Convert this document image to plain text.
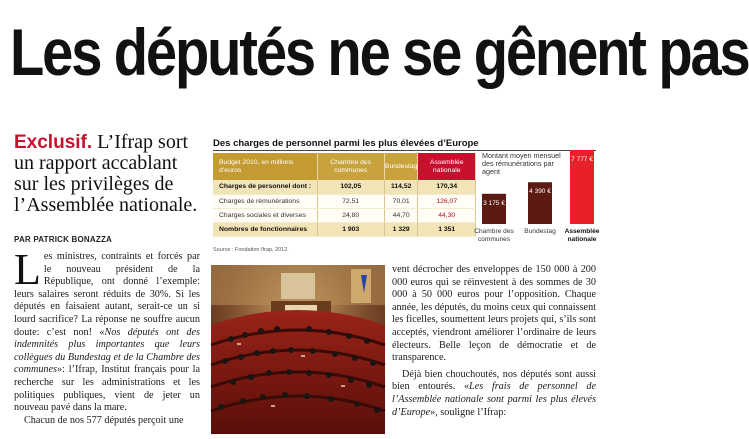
Les députés ne se gênent pas
Exclusif. L’Ifrap sort un rapport accablant sur les privilèges de l’Assemblée nationale.
PAR PATRICK BONAZZA
L es ministres, contraints et forcés par le nouveau président de la République, ont donné l’exemple: leurs salaires seront réduits de 30%. Si les députés en faisaient autant, serait-ce un si lourd sacrifice? La réponse ne souffre aucun doute: c’est non! «Nos députés ont des indemnités plus importantes que leurs collègues du Bundestag et de la Chambre des communes»: l’Ifrap, Institut français pour la recherche sur les administrations et les politiques publiques, vient de jeter un nouveau pavé dans la mare.

Chacun de nos 577 députés perçoit une

Des charges de personnel parmi les plus élevées d’Europe
Budget 2010, en millions d’euros	Chambre des communes	Bundestag	Assemblée nationale
Charges de personnel dont :	102,05	114,52	170,34
Charges de rémunérations	72,51	70,01	126,07
Charges sociales et diverses	24,80	44,70	44,30
Nombres de fonctionnaires	1 903	1 329	1 351
Source : Fondation Ifrap, 2012.
Montant moyen mensuel des rémunérations par agent
3 175 €
Chambre des
communes
4 390 €
Bundestag
7 777 €
Assemblée
nationale

vent décrocher des enveloppes de 150 000 à 200 000 euros qui se réinvestent à des sommes de 30 000 à 50 000 euros pour l’opposition. Chaque année, les députés, du moins ceux qui connaissent les ficelles, soumettent leurs projets qui, s’ils sont acceptés, viendront améliorer l’ordinaire de leurs électeurs. Belle leçon de démocratie et de transparence.

Déjà bien chouchoutés, nos députés sont aussi bien entourés. «Les frais de personnel de l’Assemblée nationale sont parmi les plus élevés d’Europe», souligne l’Ifrap:
